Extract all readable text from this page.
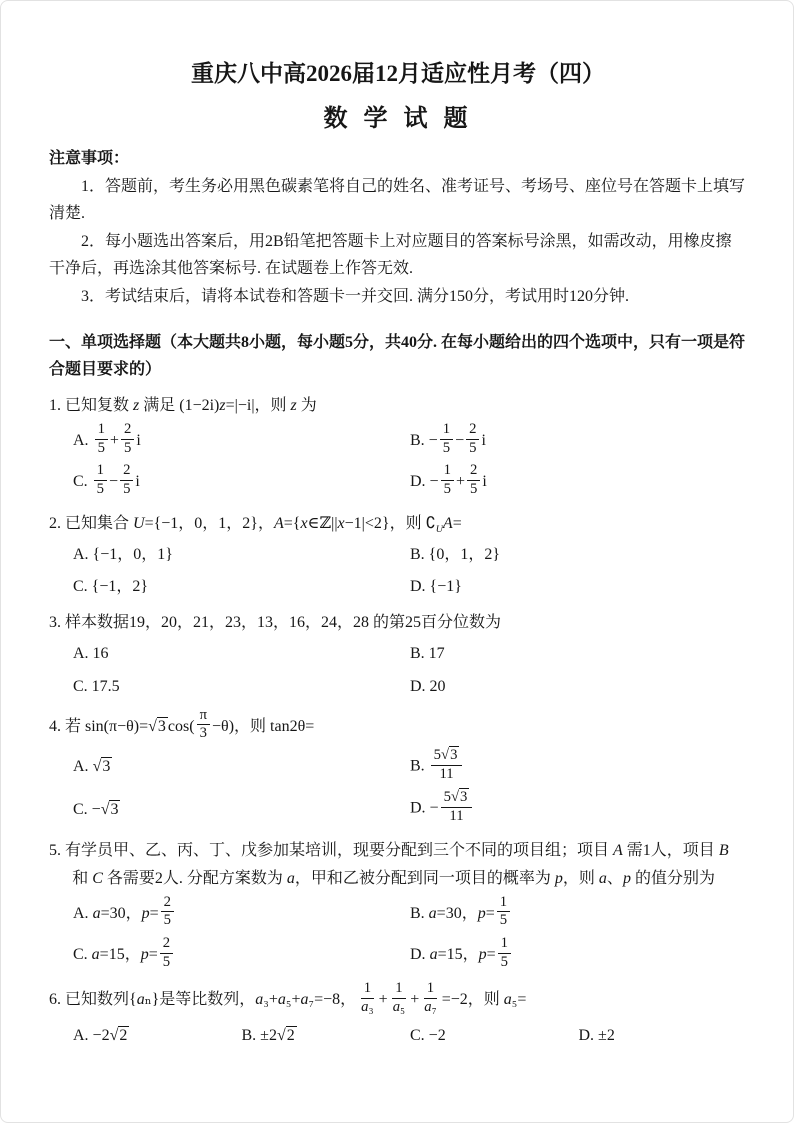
重庆八中高2026届12月适应性月考（四）
数 学 试 题
注意事项：

1．答题前，考生务必用黑色碳素笔将自己的姓名、准考证号、考场号、座位号在答题卡上填写清楚.

2．每小题选出答案后，用2B铅笔把答题卡上对应题目的答案标号涂黑，如需改动，用橡皮擦干净后，再选涂其他答案标号. 在试题卷上作答无效.

3．考试结束后，请将本试卷和答题卡一并交回. 满分150分，考试用时120分钟.

一、单项选择题（本大题共8小题，每小题5分，共40分. 在每小题给出的四个选项中，只有一项是符合题目要求的）
1. 已知复数 z 满足 (1−2i)z=|−i|，则 z 为
A. $\frac{1}{5} + \frac{2}{5}$ i	B. − $\frac{1}{5} - \frac{2}{5}$ i
C. $\frac{1}{5} - \frac{2}{5}$ i	D. − $\frac{1}{5} + \frac{2}{5}$ i
2. 已知集合 U={−1，0，1，2}，A={x∈ℤ||x−1|<2}，则 $∁_UA=$
A. {−1，0，1}	B. {0，1，2}
C. {−1，2}	D. {−1}
3. 样本数据19，20，21，23，13，16，24，28 的第25百分位数为
A. 16	B. 17
C. 17.5	D. 20
4. 若 sin(π−θ)=√3 $\cos( \frac{\pi}{3} -\theta)$，则 tan2θ=
A. √3	B. $\frac{5√3}{11}$
C. −√3	D. − $\frac{5√3}{11}$
5. 有学员甲、乙、丙、丁、戊参加某培训，现要分配到三个不同的项目组；项目 A 需1人，项目 B 和 C 各需要2人. 分配方案数为 a，甲和乙被分配到同一项目的概率为 p，则 a、p 的值分别为
A. a=30，$p= \frac{2}{5}$	B. a=30，$p= \frac{1}{5}$
C. a=15，$p= \frac{2}{5}$	D. a=15，$p= \frac{1}{5}$
6. 已知数列{aₙ}是等比数列，a₃+a₅+a₇=−8， $\frac{1}{\text{a₃}} + \frac{1}{\text{a₅}} + \frac{1}{\text{a₇}} =-2$，则 a₅=
A. −2√2	B. ±2√2	C. −2	D. ±2
